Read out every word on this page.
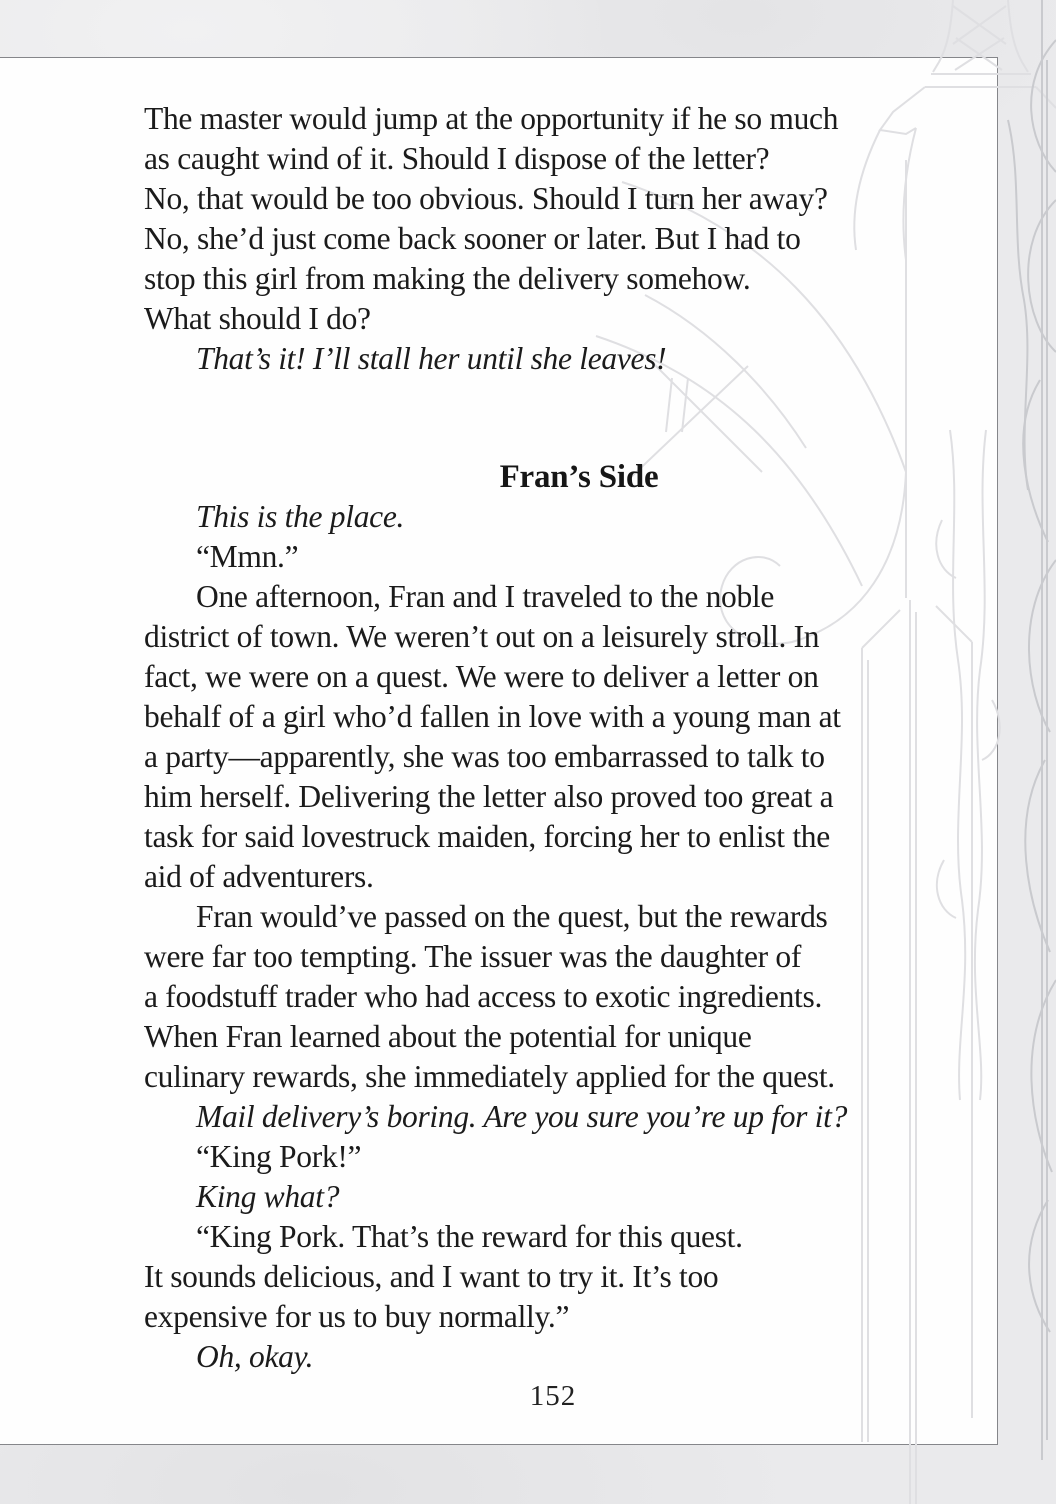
The master would jump at the opportunity if he so much
as caught wind of it. Should I dispose of the letter?
No, that would be too obvious. Should I turn her away?
No, she’d just come back sooner or later. But I had to
stop this girl from making the delivery somehow.
What should I do?
That’s it! I’ll stall her until she leaves!
Fran’s Side
This is the place.
“Mmn.”
One afternoon, Fran and I traveled to the noble
district of town. We weren’t out on a leisurely stroll. In
fact, we were on a quest. We were to deliver a letter on
behalf of a girl who’d fallen in love with a young man at
a party—apparently, she was too embarrassed to talk to
him herself. Delivering the letter also proved too great a
task for said lovestruck maiden, forcing her to enlist the
aid of adventurers.
Fran would’ve passed on the quest, but the rewards
were far too tempting. The issuer was the daughter of
a foodstuff trader who had access to exotic ingredients.
When Fran learned about the potential for unique
culinary rewards, she immediately applied for the quest.
Mail delivery’s boring. Are you sure you’re up for it?
“King Pork!”
King what?
“King Pork. That’s the reward for this quest.
It sounds delicious, and I want to try it. It’s too
expensive for us to buy normally.”
Oh, okay.
152
